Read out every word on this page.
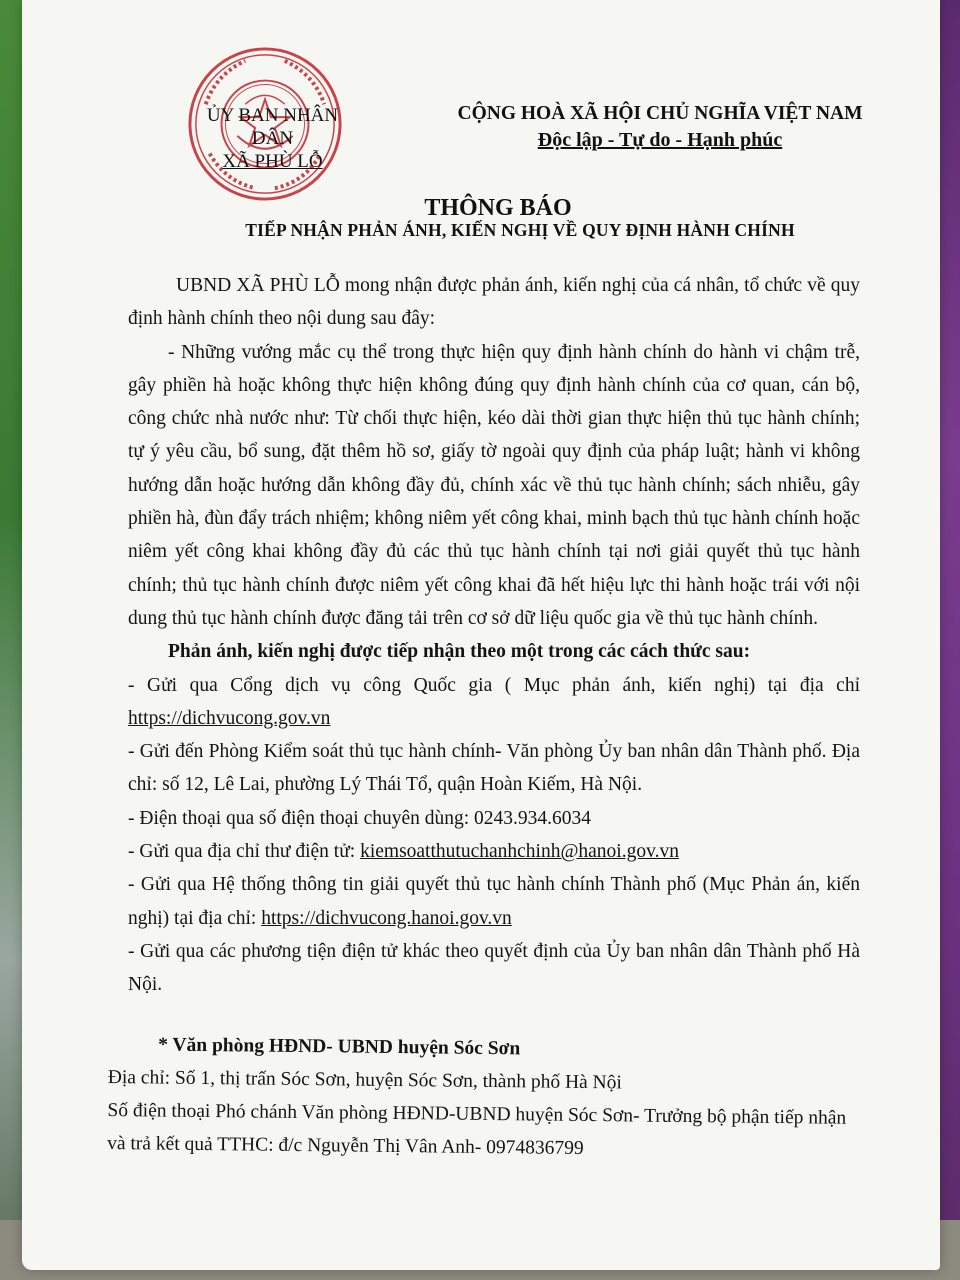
ỦY BAN NHÂN DÂN
XÃ PHÙ LỖ
CỘNG HOÀ XÃ HỘI CHỦ NGHĨA VIỆT NAM
Độc lập - Tự do - Hạnh phúc
THÔNG BÁO
TIẾP NHẬN PHẢN ÁNH, KIẾN NGHỊ VỀ QUY ĐỊNH HÀNH CHÍNH

UBND XÃ PHÙ LỖ mong nhận được phản ánh, kiến nghị của cá nhân, tổ chức về quy định hành chính theo nội dung sau đây:

- Những vướng mắc cụ thể trong thực hiện quy định hành chính do hành vi chậm trễ, gây phiền hà hoặc không thực hiện không đúng quy định hành chính của cơ quan, cán bộ, công chức nhà nước như: Từ chối thực hiện, kéo dài thời gian thực hiện thủ tục hành chính; tự ý yêu cầu, bổ sung, đặt thêm hồ sơ, giấy tờ ngoài quy định của pháp luật; hành vi không hướng dẫn hoặc hướng dẫn không đầy đủ, chính xác về thủ tục hành chính; sách nhiễu, gây phiền hà, đùn đẩy trách nhiệm; không niêm yết công khai, minh bạch thủ tục hành chính hoặc niêm yết công khai không đầy đủ các thủ tục hành chính tại nơi giải quyết thủ tục hành chính; thủ tục hành chính được niêm yết công khai đã hết hiệu lực thi hành hoặc trái với nội dung thủ tục hành chính được đăng tải trên cơ sở dữ liệu quốc gia về thủ tục hành chính.

Phản ánh, kiến nghị được tiếp nhận theo một trong các cách thức sau:

- Gửi qua Cổng dịch vụ công Quốc gia ( Mục phản ánh, kiến nghị) tại địa chỉ https://dichvucong.gov.vn

- Gửi đến Phòng Kiểm soát thủ tục hành chính- Văn phòng Ủy ban nhân dân Thành phố. Địa chỉ: số 12, Lê Lai, phường Lý Thái Tổ, quận Hoàn Kiếm, Hà Nội.

- Điện thoại qua số điện thoại chuyên dùng: 0243.934.6034

- Gửi qua địa chỉ thư điện tử: kiemsoatthutuchanhchinh@hanoi.gov.vn

- Gửi qua Hệ thống thông tin giải quyết thủ tục hành chính Thành phố (Mục Phản án, kiến nghị) tại địa chỉ: https://dichvucong.hanoi.gov.vn

- Gửi qua các phương tiện điện tử khác theo quyết định của Ủy ban nhân dân Thành phố Hà Nội.

* Văn phòng HĐND- UBND huyện Sóc Sơn

Địa chỉ: Số 1, thị trấn Sóc Sơn, huyện Sóc Sơn, thành phố Hà Nội

Số điện thoại Phó chánh Văn phòng HĐND-UBND huyện Sóc Sơn- Trưởng bộ phận tiếp nhận và trả kết quả TTHC: đ/c Nguyễn Thị Vân Anh- 0974836799
